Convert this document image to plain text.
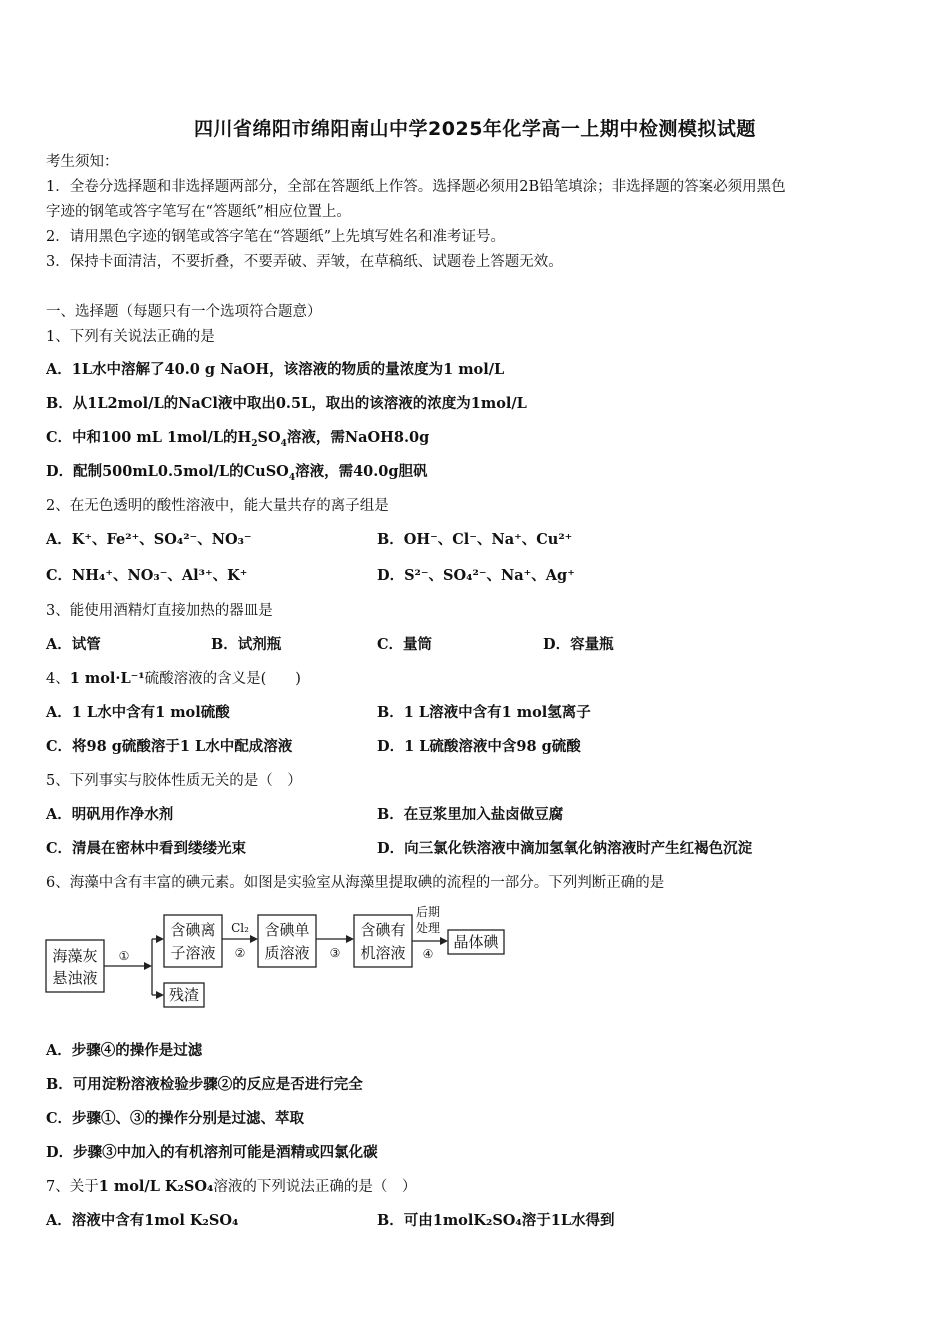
四川省绵阳市绵阳南山中学2025年化学高一上期中检测模拟试题
考生须知：
1．全卷分选择题和非选择题两部分，全部在答题纸上作答。选择题必须用2B铅笔填涂；非选择题的答案必须用黑色
字迹的钢笔或答字笔写在“答题纸”相应位置上。
2．请用黑色字迹的钢笔或答字笔在“答题纸”上先填写姓名和准考证号。
3．保持卡面清洁，不要折叠，不要弄破、弄皱，在草稿纸、试题卷上答题无效。
一、选择题（每题只有一个选项符合题意）
1、下列有关说法正确的是
A．1L水中溶解了40.0 g NaOH，该溶液的物质的量浓度为1 mol/L
B．从1L2mol/L的NaCl液中取出0.5L，取出的该溶液的浓度为1mol/L
C．中和100 mL 1mol/L的$H_2SO_4$溶液，需NaOH8.0g
D．配制500mL0.5mol/L的CuSO$_4$溶液，需40.0g胆矾
2、在无色透明的酸性溶液中，能大量共存的离子组是
A．K⁺、Fe²⁺、SO₄²⁻、NO₃⁻	B．OH⁻、Cl⁻、Na⁺、Cu²⁺
C．NH₄⁺、NO₃⁻、Al³⁺、K⁺	D．S²⁻、SO₄²⁻、Na⁺、Ag⁺
3、能使用酒精灯直接加热的器皿是
A．试管	B．试剂瓶	C．量筒	D．容量瓶
4、1 mol·L⁻¹硫酸溶液的含义是(　　)
A．1 L水中含有1 mol硫酸	B．1 L溶液中含有1 mol氢离子
C．将98 g硫酸溶于1 L水中配成溶液	D．1 L硫酸溶液中含98 g硫酸
5、下列事实与胶体性质无关的是（　）
A．明矾用作净水剂	B．在豆浆里加入盐卤做豆腐
C．清晨在密林中看到缕缕光束	D．向三氯化铁溶液中滴加氢氧化钠溶液时产生红褐色沉淀
6、海藻中含有丰富的碘元素。如图是实验室从海藻里提取碘的流程的一部分。下列判断正确的是
海藻灰
悬浊液
①
含碘离
子溶液
残渣
Cl₂
②
含碘单
质溶液 ③
含碘有
机溶液
后期
处理
④
晶体碘
A．步骤④的操作是过滤
B．可用淀粉溶液检验步骤②的反应是否进行完全
C．步骤①、③的操作分别是过滤、萃取
D．步骤③中加入的有机溶剂可能是酒精或四氯化碳
7、关于1 mol/L K₂SO₄溶液的下列说法正确的是（　）
A．溶液中含有1mol K₂SO₄	B．可由1molK₂SO₄溶于1L水得到
